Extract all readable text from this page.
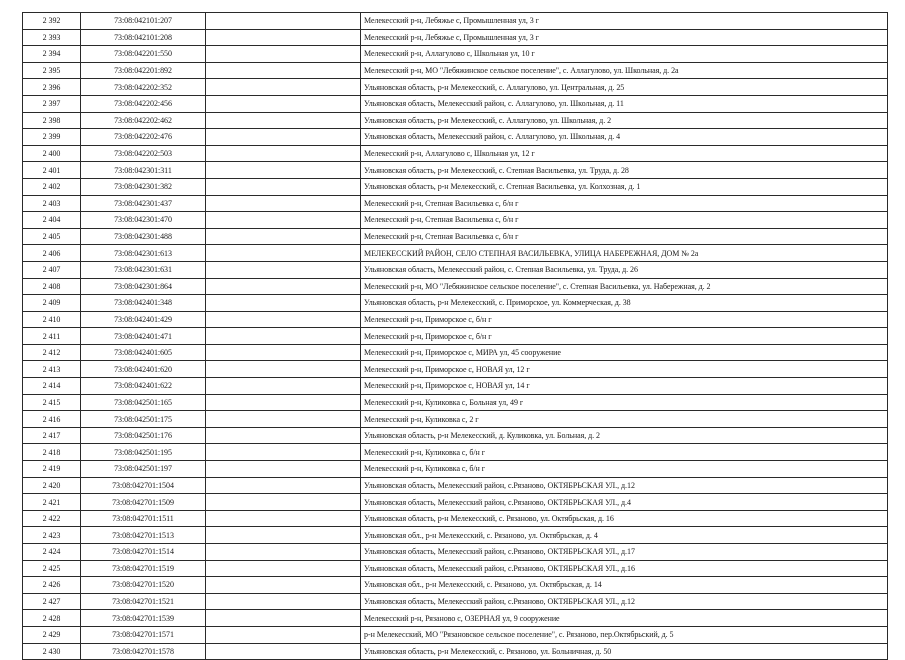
2 392	73:08:042101:207		Мелекесский р-н, Лебяжье с, Промышленная ул, 3 г
2 393	73:08:042101:208		Мелекесский р-н, Лебяжье с, Промышленная ул, 3 г
2 394	73:08:042201:550		Мелекесский р-н, Аллагулово с, Школьная ул, 10 г
2 395	73:08:042201:892		Мелекесский р-н, МО "Лебяжинское сельское поселение", с. Аллагулово, ул. Школьная, д. 2а
2 396	73:08:042202:352		Ульяновская область, р-н Мелекесский, с. Аллагулово, ул. Центральная, д. 25
2 397	73:08:042202:456		Ульяновская область, Мелекесский район, с. Аллагулово, ул. Школьная, д. 11
2 398	73:08:042202:462		Ульяновская область, р-н Мелекесский, с. Аллагулово, ул. Школьная, д. 2
2 399	73:08:042202:476		Ульяновская область, Мелекесский район, с. Аллагулово, ул. Школьная, д. 4
2 400	73:08:042202:503		Мелекесский р-н, Аллагулово с, Школьная ул, 12 г
2 401	73:08:042301:311		Ульяновская область, р-н Мелекесский, с. Степная Васильевка, ул. Труда, д. 28
2 402	73:08:042301:382		Ульяновская область, р-н Мелекесский, с. Степная Васильевка, ул. Колхозная, д. 1
2 403	73:08:042301:437		Мелекесский р-н, Степная Васильевка с, б/н г
2 404	73:08:042301:470		Мелекесский р-н, Степная Васильевка с, б/н г
2 405	73:08:042301:488		Мелекесский р-н, Степная Васильевка с, б/н г
2 406	73:08:042301:613		МЕЛЕКЕССКИЙ РАЙОН, СЕЛО СТЕПНАЯ ВАСИЛЬЕВКА, УЛИЦА НАБЕРЕЖНАЯ, ДОМ № 2а
2 407	73:08:042301:631		Ульяновская область, Мелекесский район, с. Степная Васильевка, ул. Труда, д. 26
2 408	73:08:042301:864		Мелекесский р-н, МО "Лебяжинское сельское поселение", с. Степная Васильевка, ул. Набережная, д. 2
2 409	73:08:042401:348		Ульяновская область, р-н Мелекесский, с. Приморское, ул. Коммерческая, д. 38
2 410	73:08:042401:429		Мелекесский р-н, Приморское с, б/н г
2 411	73:08:042401:471		Мелекесский р-н, Приморское с, б/н г
2 412	73:08:042401:605		Мелекесский р-н, Приморское с, МИРА ул, 45 сооружение
2 413	73:08:042401:620		Мелекесский р-н, Приморское с, НОВАЯ ул, 12 г
2 414	73:08:042401:622		Мелекесский р-н, Приморское с, НОВАЯ ул, 14 г
2 415	73:08:042501:165		Мелекесский р-н, Куликовка с, Больная ул, 49 г
2 416	73:08:042501:175		Мелекесский р-н, Куликовка с, 2 г
2 417	73:08:042501:176		Ульяновская область, р-н Мелекесский, д. Куликовка, ул. Больная, д. 2
2 418	73:08:042501:195		Мелекесский р-н, Куликовка с, б/н г
2 419	73:08:042501:197		Мелекесский р-н, Куликовка с, б/н г
2 420	73:08:042701:1504		Ульяновская область, Мелекесский район, с.Рязаново, ОКТЯБРЬСКАЯ УЛ., д.12
2 421	73:08:042701:1509		Ульяновская область, Мелекесский район, с.Рязаново, ОКТЯБРЬСКАЯ УЛ., д.4
2 422	73:08:042701:1511		Ульяновская область, р-н Мелекесский, с. Рязаново, ул. Октябрьская, д. 16
2 423	73:08:042701:1513		Ульяновская обл., р-н Мелекесский, с. Рязаново, ул. Октябрьская, д. 4
2 424	73:08:042701:1514		Ульяновская область, Мелекесский район, с.Рязаново, ОКТЯБРЬСКАЯ УЛ., д.17
2 425	73:08:042701:1519		Ульяновская область, Мелекесский район, с.Рязаново, ОКТЯБРЬСКАЯ УЛ., д.16
2 426	73:08:042701:1520		Ульяновская обл., р-н Мелекесский, с. Рязаново, ул. Октябрьская, д. 14
2 427	73:08:042701:1521		Ульяновская область, Мелекесский район, с.Рязаново, ОКТЯБРЬСКАЯ УЛ., д.12
2 428	73:08:042701:1539		Мелекесский р-н, Рязаново с, ОЗЕРНАЯ ул, 9 сооружение
2 429	73:08:042701:1571		р-н Мелекесский, МО "Рязановское сельское поселение", с. Рязаново, пер.Октябрьский, д. 5
2 430	73:08:042701:1578		Ульяновская область, р-н Мелекесский, с. Рязаново, ул. Больничная, д. 50
